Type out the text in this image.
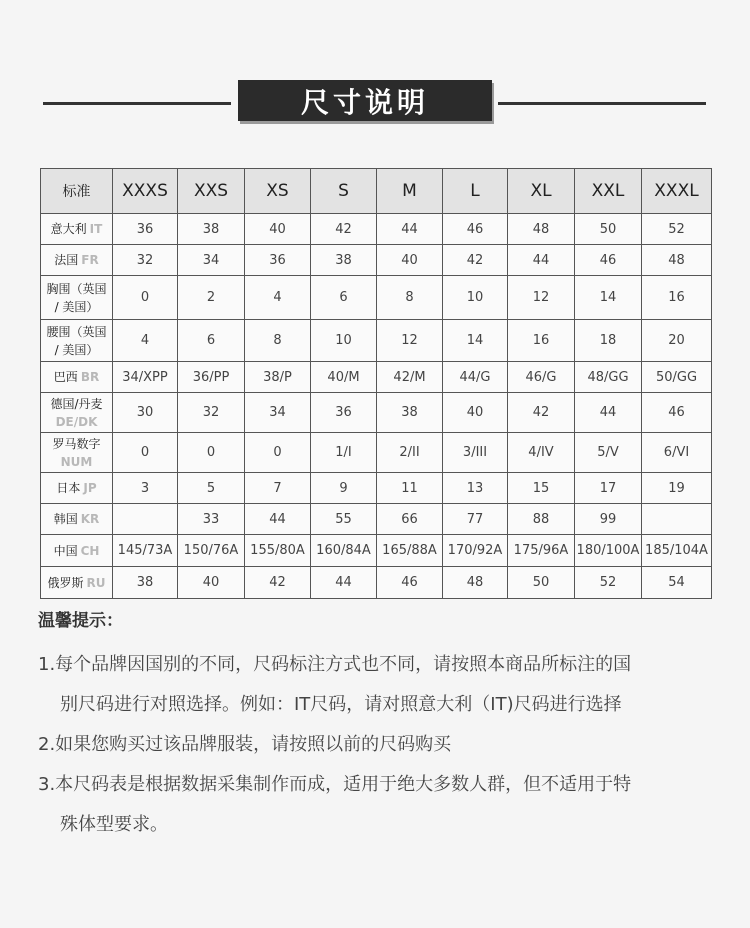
尺寸说明
标准	XXXS	XXS	XS	S	M	L	XL	XXL	XXXL
意大利 IT	36	38	40	42	44	46	48	50	52
法国 FR	32	34	36	38	40	42	44	46	48
胸围（英国
/ 美国）	0	2	4	6	8	10	12	14	16
腰围（英国
/ 美国）	4	6	8	10	12	14	16	18	20
巴西 BR	34/XPP	36/PP	38/P	40/M	42/M	44/G	46/G	48/GG	50/GG
德国/丹麦
DE/DK	30	32	34	36	38	40	42	44	46
罗马数字
NUM	0	0	0	1/I	2/II	3/III	4/IV	5/V	6/VI
日本 JP	3	5	7	9	11	13	15	17	19
韩国 KR		33	44	55	66	77	88	99	
中国 CH	145/73A	150/76A	155/80A	160/84A	165/88A	170/92A	175/96A	180/100A	185/104A
俄罗斯 RU	38	40	42	44	46	48	50	52	54
温馨提示：
1.每个品牌因国别的不同，尺码标注方式也不同，请按照本商品所标注的国
别尺码进行对照选择。例如：IT尺码，请对照意大利（IT)尺码进行选择
2.如果您购买过该品牌服装，请按照以前的尺码购买
3.本尺码表是根据数据采集制作而成，适用于绝大多数人群，但不适用于特
殊体型要求。
